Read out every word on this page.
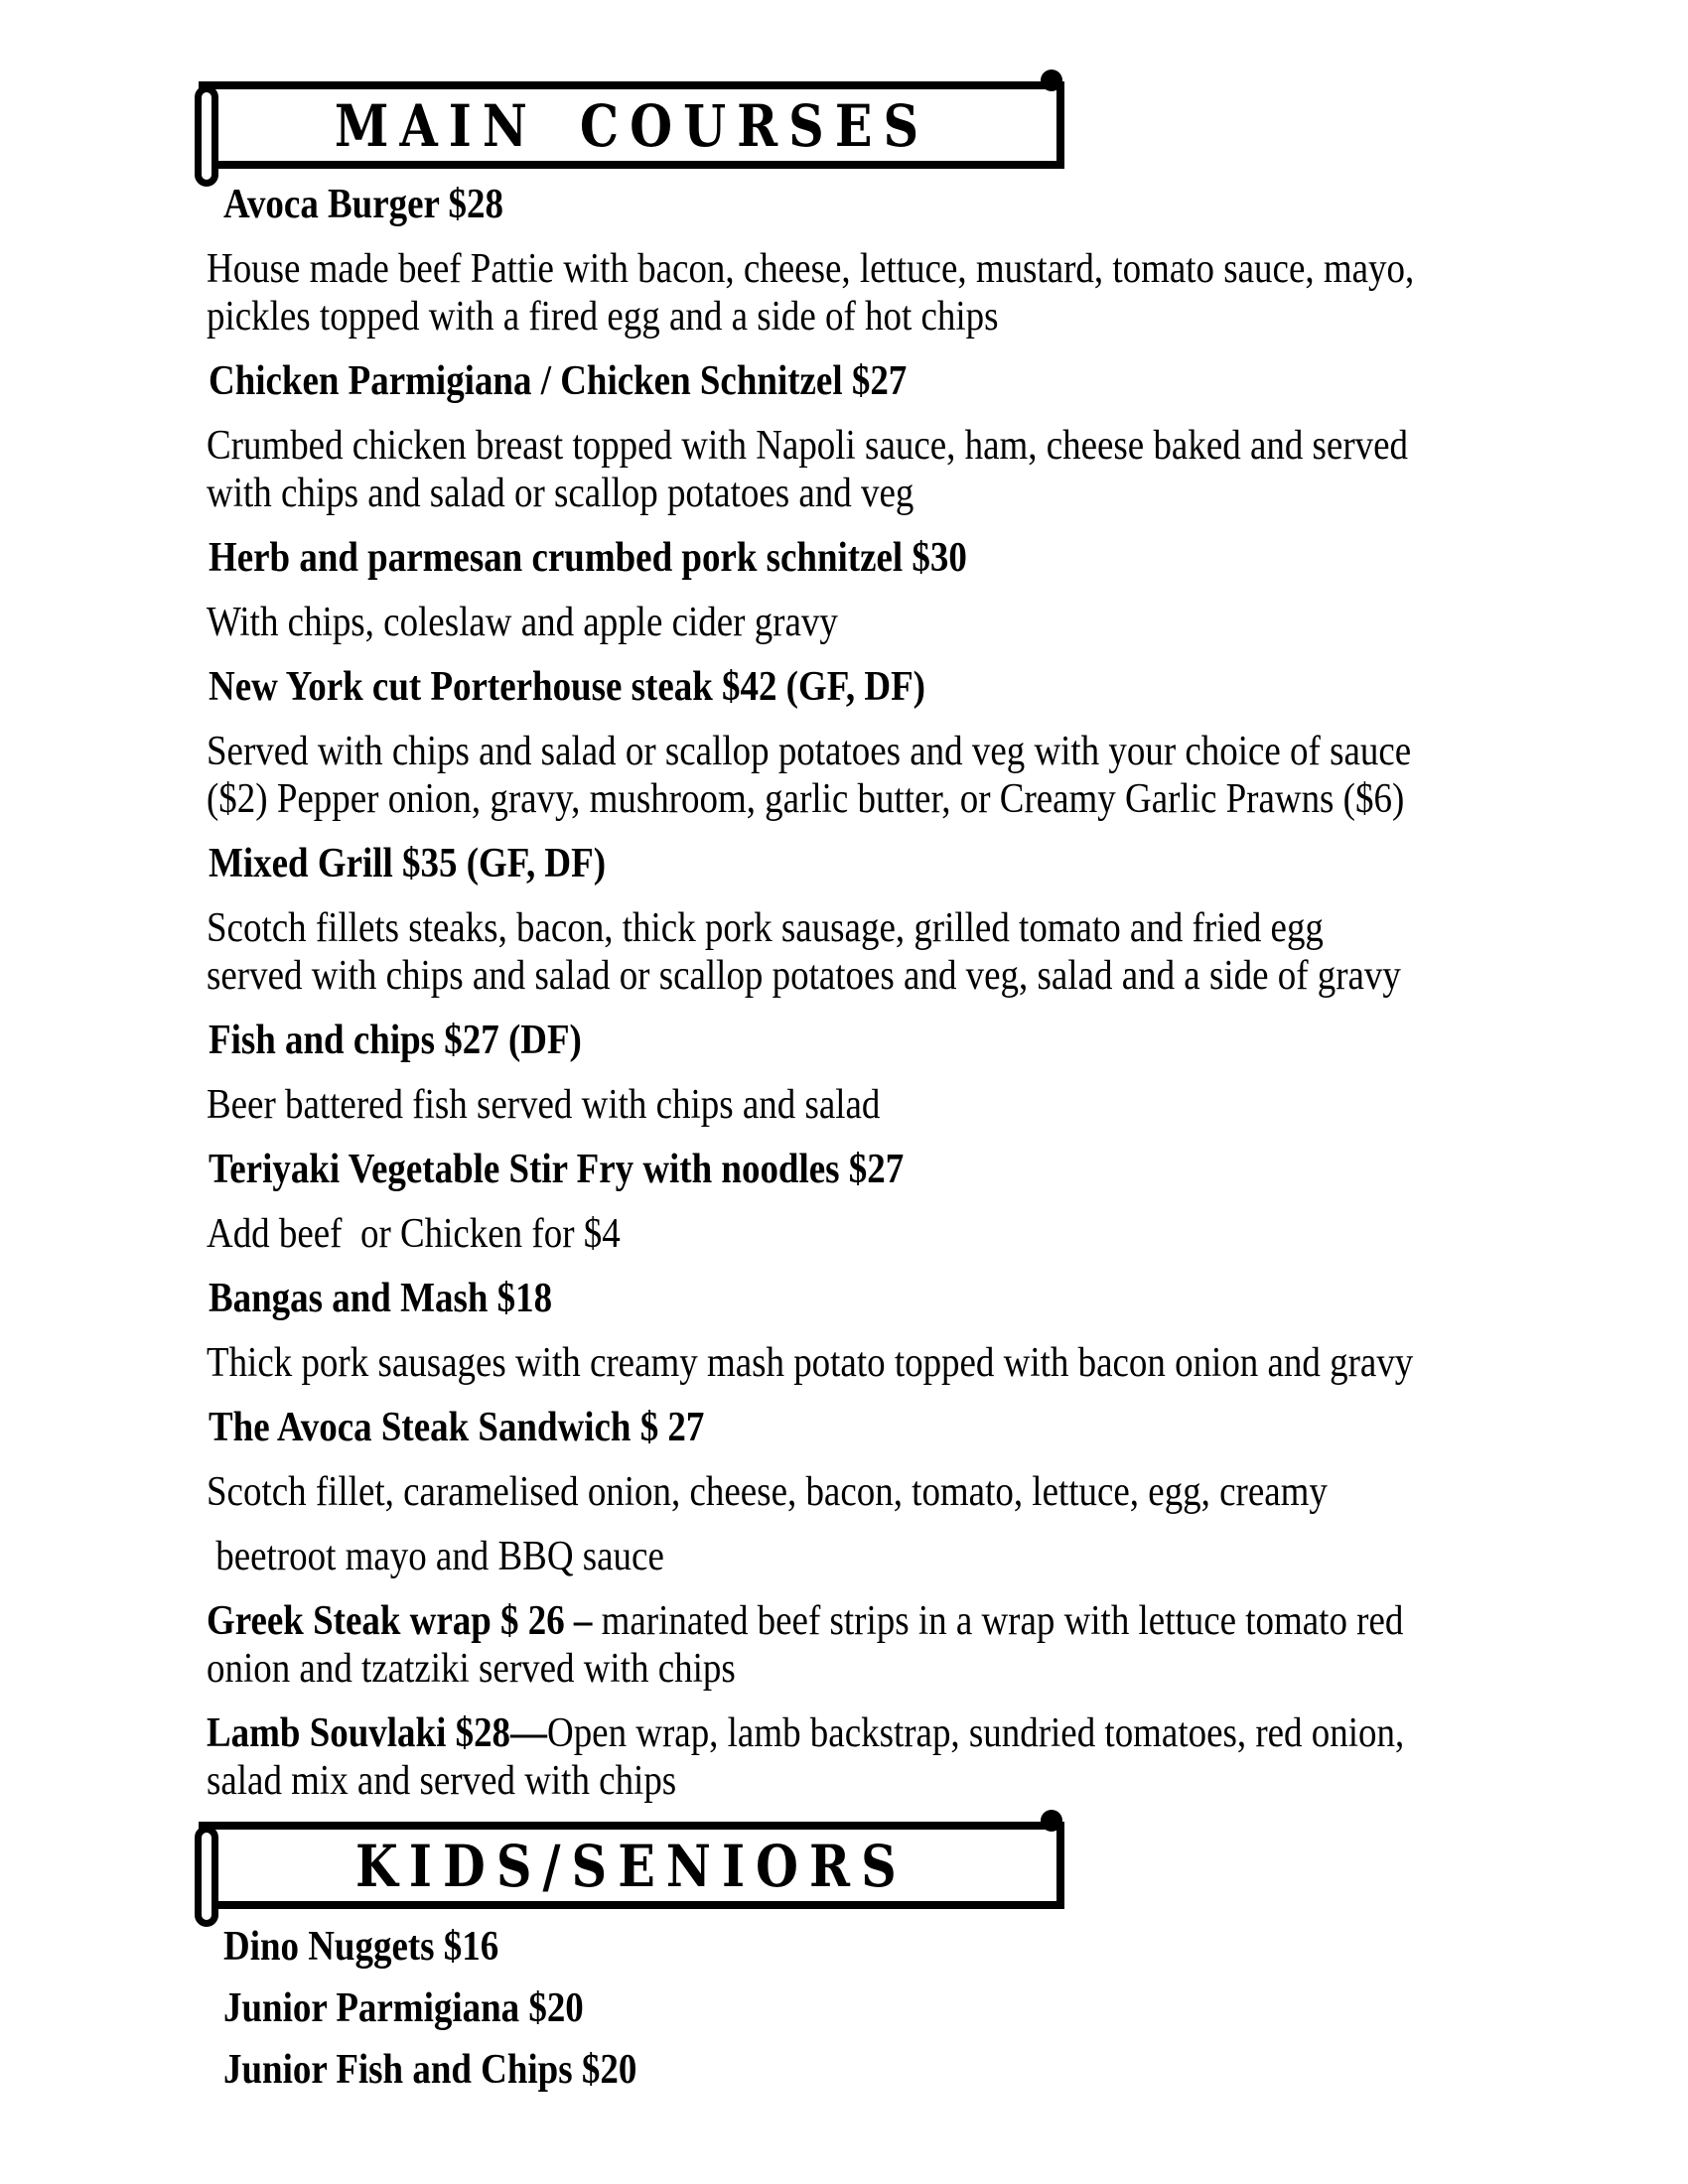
MAIN COURSES
Avoca Burger $28
House made beef Pattie with bacon, cheese, lettuce, mustard, tomato sauce, mayo,
pickles topped with a fired egg and a side of hot chips
Chicken Parmigiana / Chicken Schnitzel $27
Crumbed chicken breast topped with Napoli sauce, ham, cheese baked and served
with chips and salad or scallop potatoes and veg
Herb and parmesan crumbed pork schnitzel $30
With chips, coleslaw and apple cider gravy
New York cut Porterhouse steak $42 (GF, DF)
Served with chips and salad or scallop potatoes and veg with your choice of sauce
($2) Pepper onion, gravy, mushroom, garlic butter, or Creamy Garlic Prawns ($6)
Mixed Grill $35 (GF, DF)
Scotch fillets steaks, bacon, thick pork sausage, grilled tomato and fried egg
served with chips and salad or scallop potatoes and veg, salad and a side of gravy
Fish and chips $27 (DF)
Beer battered fish served with chips and salad
Teriyaki Vegetable Stir Fry with noodles $27
Add beef  or Chicken for $4
Bangas and Mash $18
Thick pork sausages with creamy mash potato topped with bacon onion and gravy
The Avoca Steak Sandwich $ 27
Scotch fillet, caramelised onion, cheese, bacon, tomato, lettuce, egg, creamy
beetroot mayo and BBQ sauce
Greek Steak wrap $ 26 – marinated beef strips in a wrap with lettuce tomato red
onion and tzatziki served with chips
Lamb Souvlaki $28—Open wrap, lamb backstrap, sundried tomatoes, red onion,
salad mix and served with chips
KIDS/SENIORS
Dino Nuggets $16
Junior Parmigiana $20
Junior Fish and Chips $20
